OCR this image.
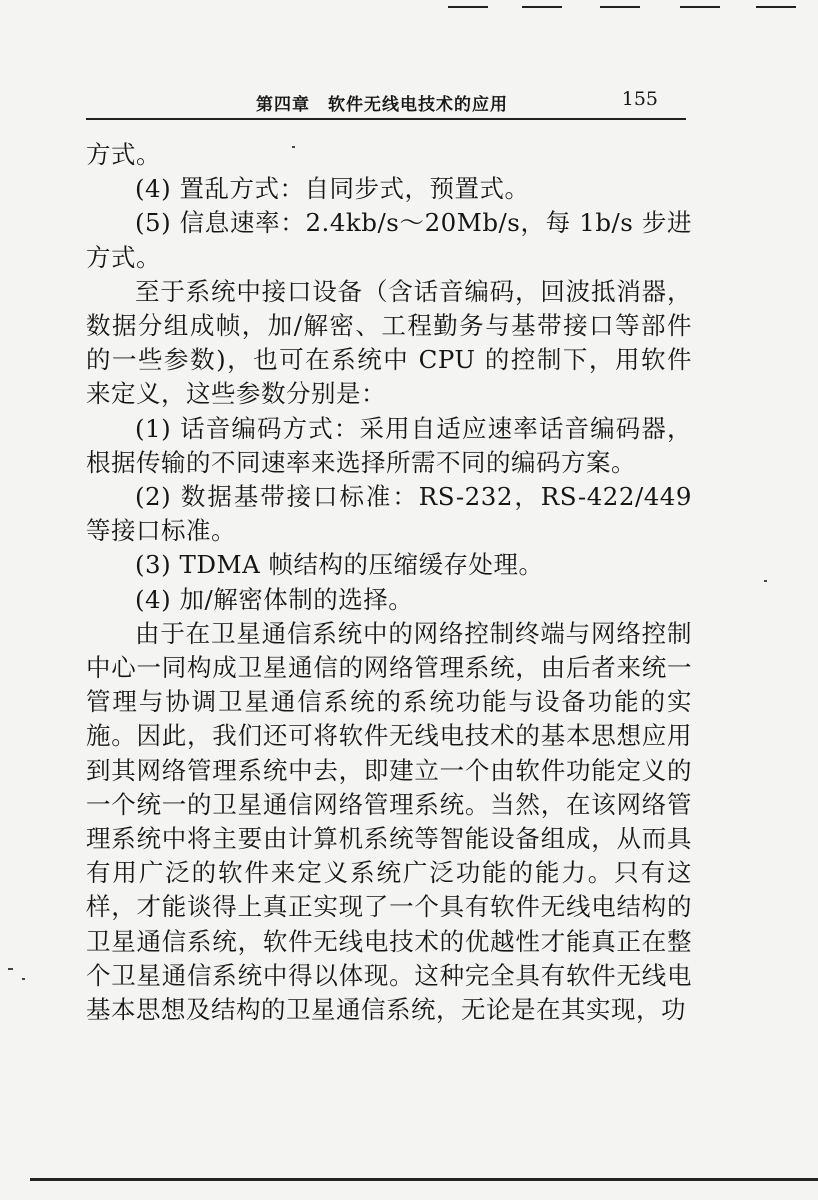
第四章　软件无线电技术的应用	155

方式。

(4) 置乱方式：自同步式，预置式。

(5) 信息速率：2.4kb/s～20Mb/s，每 1b/s 步进方式。

至于系统中接口设备（含话音编码，回波抵消器，数据分组成帧，加/解密、工程勤务与基带接口等部件的一些参数)，也可在系统中 CPU 的控制下，用软件来定义，这些参数分别是：

(1) 话音编码方式：采用自适应速率话音编码器，根据传输的不同速率来选择所需不同的编码方案。

(2) 数据基带接口标准：RS-232，RS-422/449 等接口标准。

(3) TDMA 帧结构的压缩缓存处理。

(4) 加/解密体制的选择。

由于在卫星通信系统中的网络控制终端与网络控制中心一同构成卫星通信的网络管理系统，由后者来统一管理与协调卫星通信系统的系统功能与设备功能的实施。因此，我们还可将软件无线电技术的基本思想应用到其网络管理系统中去，即建立一个由软件功能定义的一个统一的卫星通信网络管理系统。当然，在该网络管理系统中将主要由计算机系统等智能设备组成，从而具有用广泛的软件来定义系统广泛功能的能力。只有这样，才能谈得上真正实现了一个具有软件无线电结构的卫星通信系统，软件无线电技术的优越性才能真正在整个卫星通信系统中得以体现。这种完全具有软件无线电基本思想及结构的卫星通信系统，无论是在其实现，功
